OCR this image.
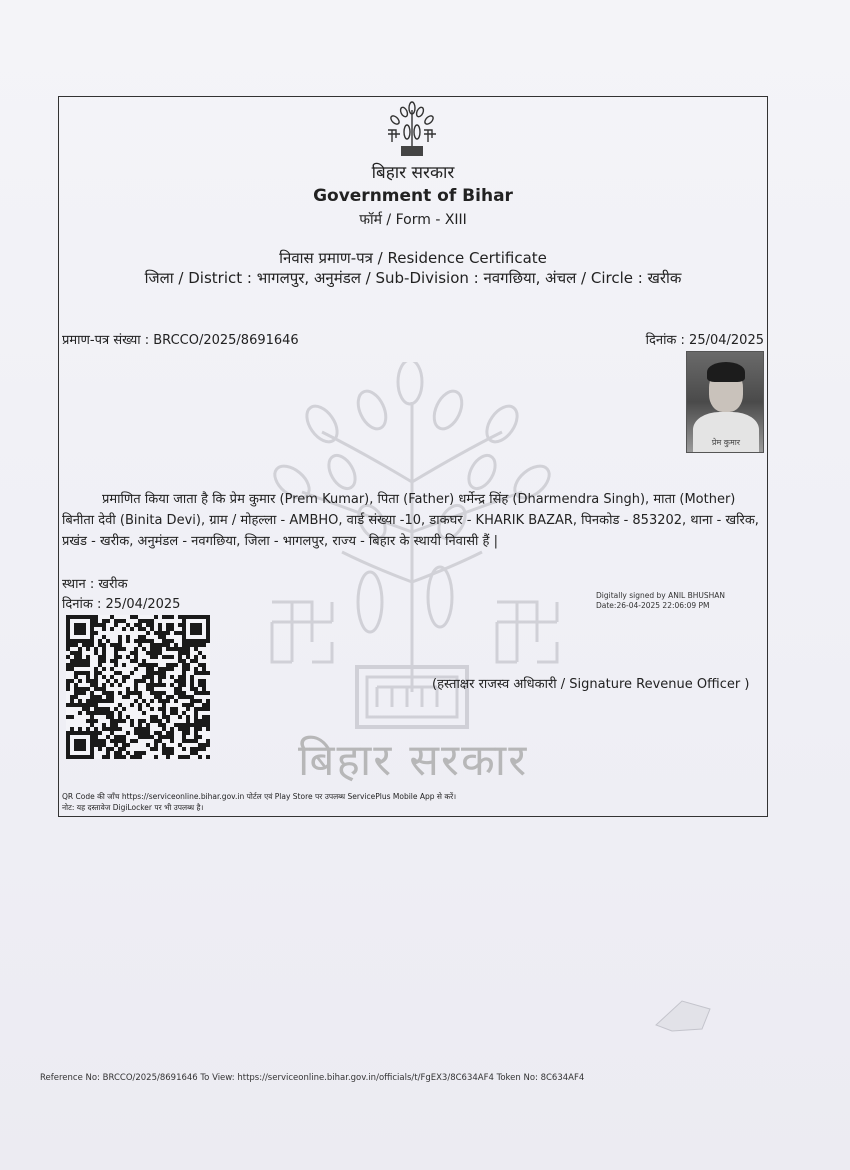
बिहार सरकार
बिहार सरकार
Government of Bihar
फॉर्म / Form - XIII
निवास प्रमाण-पत्र / Residence Certificate
जिला / District : भागलपुर, अनुमंडल / Sub-Division : नवगछिया, अंचल / Circle : खरीक
प्रमाण-पत्र संख्या : BRCCO/2025/8691646	दिनांक : 25/04/2025
प्रेम कुमार
प्रमाणित किया जाता है कि प्रेम कुमार (Prem Kumar), पिता (Father) धर्मेन्द्र सिंह (Dharmendra Singh), माता (Mother) बिनीता देवी (Binita Devi), ग्राम / मोहल्ला - AMBHO, वार्ड संख्या -10, डाकघर - KHARIK BAZAR, पिनकोड - 853202, थाना - खरिक, प्रखंड - खरीक, अनुमंडल - नवगछिया, जिला - भागलपुर, राज्य - बिहार के स्थायी निवासी हैं |
स्थान : खरीक
दिनांक : 25/04/2025
Digitally signed by ANIL BHUSHAN
Date:26-04-2025 22:06:09 PM
(हस्ताक्षर राजस्व अधिकारी / Signature Revenue Officer )
QR Code की जाँच https://serviceonline.bihar.gov.in पोर्टल एवं Play Store पर उपलब्ध ServicePlus Mobile App से करें।
नोट: यह दस्तावेज DigiLocker पर भी उपलब्ध है।
Reference No: BRCCO/2025/8691646 To View: https://serviceonline.bihar.gov.in/officials/t/FgEX3/8C634AF4 Token No: 8C634AF4
